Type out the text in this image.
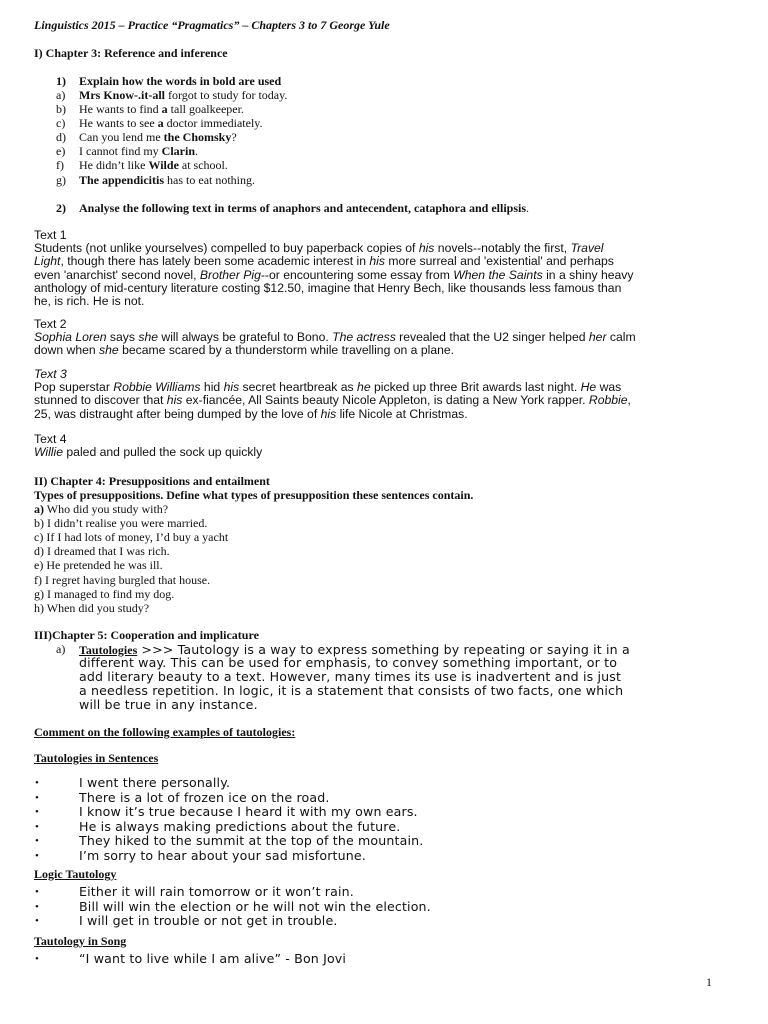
Linguistics 2015 – Practice “Pragmatics” – Chapters 3 to 7 George Yule
I) Chapter 3: Reference and inference
1) Explain how the words in bold are used
a) Mrs Know-.it-all forgot to study for today.
b) He wants to find a tall goalkeeper.
c) He wants to see a doctor immediately.
d) Can you lend me the Chomsky?
e) I cannot find my Clarin.
f) He didn’t like Wilde at school.
g) The appendicitis has to eat nothing.
2) Analyse the following text in terms of anaphors and antecendent, cataphora and ellipsis.
Text 1
Students (not unlike yourselves) compelled to buy paperback copies of his novels--notably the first, Travel
Light, though there has lately been some academic interest in his more surreal and 'existential' and perhaps
even 'anarchist' second novel, Brother Pig--or encountering some essay from When the Saints in a shiny heavy
anthology of mid-century literature costing $12.50, imagine that Henry Bech, like thousands less famous than
he, is rich. He is not.
Text 2
Sophia Loren says she will always be grateful to Bono. The actress revealed that the U2 singer helped her calm
down when she became scared by a thunderstorm while travelling on a plane.
Text 3
Pop superstar Robbie Williams hid his secret heartbreak as he picked up three Brit awards last night. He was
stunned to discover that his ex-fiancée, All Saints beauty Nicole Appleton, is dating a New York rapper. Robbie,
25, was distraught after being dumped by the love of his life Nicole at Christmas.
Text 4
Willie paled and pulled the sock up quickly
II) Chapter 4: Presuppositions and entailment
Types of presuppositions. Define what types of presupposition these sentences contain.
a) Who did you study with?
b) I didn’t realise you were married.
c) If I had lots of money, I’d buy a yacht
d) I dreamed that I was rich.
e) He pretended he was ill.
f) I regret having burgled that house.
g) I managed to find my dog.
h) When did you study?
III)Chapter 5: Cooperation and implicature
a) Tautologies >>> Tautology is a way to express something by repeating or saying it in a
different way. This can be used for emphasis, to convey something important, or to
add literary beauty to a text. However, many times its use is inadvertent and is just
a needless repetition. In logic, it is a statement that consists of two facts, one which
will be true in any instance.
Comment on the following examples of tautologies:
Tautologies in Sentences
•	I went there personally.
•	There is a lot of frozen ice on the road.
•	I know it’s true because I heard it with my own ears.
•	He is always making predictions about the future.
•	They hiked to the summit at the top of the mountain.
•	I’m sorry to hear about your sad misfortune.
Logic Tautology
•	Either it will rain tomorrow or it won’t rain.
•	Bill will win the election or he will not win the election.
•	I will get in trouble or not get in trouble.
Tautology in Song
•	“I want to live while I am alive” - Bon Jovi
1
